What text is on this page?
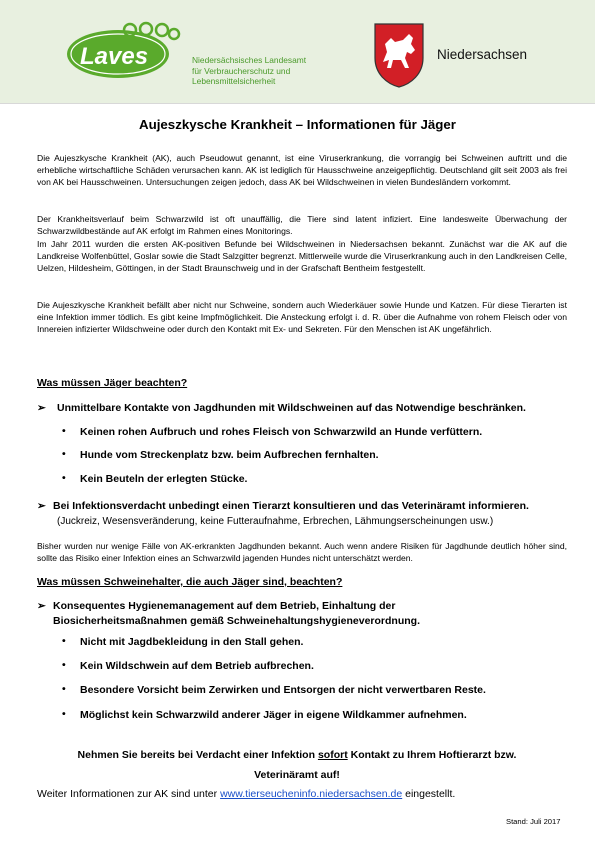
Laves	Niedersächsisches Landesamt
für Verbraucherschutz und
Lebensmittelsicherheit
Niedersachsen
Aujeszkysche Krankheit – Informationen für Jäger
Die Aujeszkysche Krankheit (AK), auch Pseudowut genannt, ist eine Viruserkrankung, die vorrangig bei Schweinen auftritt und die erhebliche wirtschaftliche Schäden verursachen kann. AK ist lediglich für Hausschweine anzeigepflichtig. Deutschland gilt seit 2003 als frei von AK bei Hausschweinen. Untersuchungen zeigen jedoch, dass AK bei Wildschweinen in vielen Bundesländern vorkommt.
Der Krankheitsverlauf beim Schwarzwild ist oft unauffällig, die Tiere sind latent infiziert. Eine landesweite Überwachung der Schwarzwildbestände auf AK erfolgt im Rahmen eines Monitorings.
Im Jahr 2011 wurden die ersten AK-positiven Befunde bei Wildschweinen in Niedersachsen bekannt. Zunächst war die AK auf die Landkreise Wolfenbüttel, Goslar sowie die Stadt Salzgitter begrenzt. Mittlerweile wurde die Viruserkrankung auch in den Landkreisen Celle, Uelzen, Hildesheim, Göttingen, in der Stadt Braunschweig und in der Grafschaft Bentheim festgestellt.
Die Aujeszkysche Krankheit befällt aber nicht nur Schweine, sondern auch Wiederkäuer sowie Hunde und Katzen. Für diese Tierarten ist eine Infektion immer tödlich. Es gibt keine Impfmöglichkeit. Die Ansteckung erfolgt i. d. R. über die Aufnahme von rohem Fleisch oder von Innereien infizierter Wildschweine oder durch den Kontakt mit Ex- und Sekreten. Für den Menschen ist AK ungefährlich.
Was müssen Jäger beachten?
➢	Unmittelbare Kontakte von Jagdhunden mit Wildschweinen auf das Notwendige beschränken.
•	Keinen rohen Aufbruch und rohes Fleisch von Schwarzwild an Hunde verfüttern.
•	Hunde vom Streckenplatz bzw. beim Aufbrechen fernhalten.
•	Kein Beuteln der erlegten Stücke.
➢ Bei Infektionsverdacht unbedingt einen Tierarzt konsultieren und das Veterinäramt informieren.
(Juckreiz, Wesensveränderung, keine Futteraufnahme, Erbrechen, Lähmungserscheinungen usw.)
Bisher wurden nur wenige Fälle von AK-erkrankten Jagdhunden bekannt. Auch wenn andere Risiken für Jagdhunde deutlich höher sind, sollte das Risiko einer Infektion eines an Schwarzwild jagenden Hundes nicht unterschätzt werden.
Was müssen Schweinehalter, die auch Jäger sind, beachten?
➢ Konsequentes Hygienemanagement auf dem Betrieb, Einhaltung der Biosicherheitsmaßnahmen gemäß Schweinehaltungshygieneverordnung.
•	Nicht mit Jagdbekleidung in den Stall gehen.
•	Kein Wildschwein auf dem Betrieb aufbrechen.
•	Besondere Vorsicht beim Zerwirken und Entsorgen der nicht verwertbaren Reste.
•	Möglichst kein Schwarzwild anderer Jäger in eigene Wildkammer aufnehmen.
Nehmen Sie bereits bei Verdacht einer Infektion sofort Kontakt zu Ihrem Hoftierarzt bzw.
Veterinäramt auf!
Weiter Informationen zur AK sind unter www.tierseucheninfo.niedersachsen.de eingestellt.
Stand: Juli 2017
